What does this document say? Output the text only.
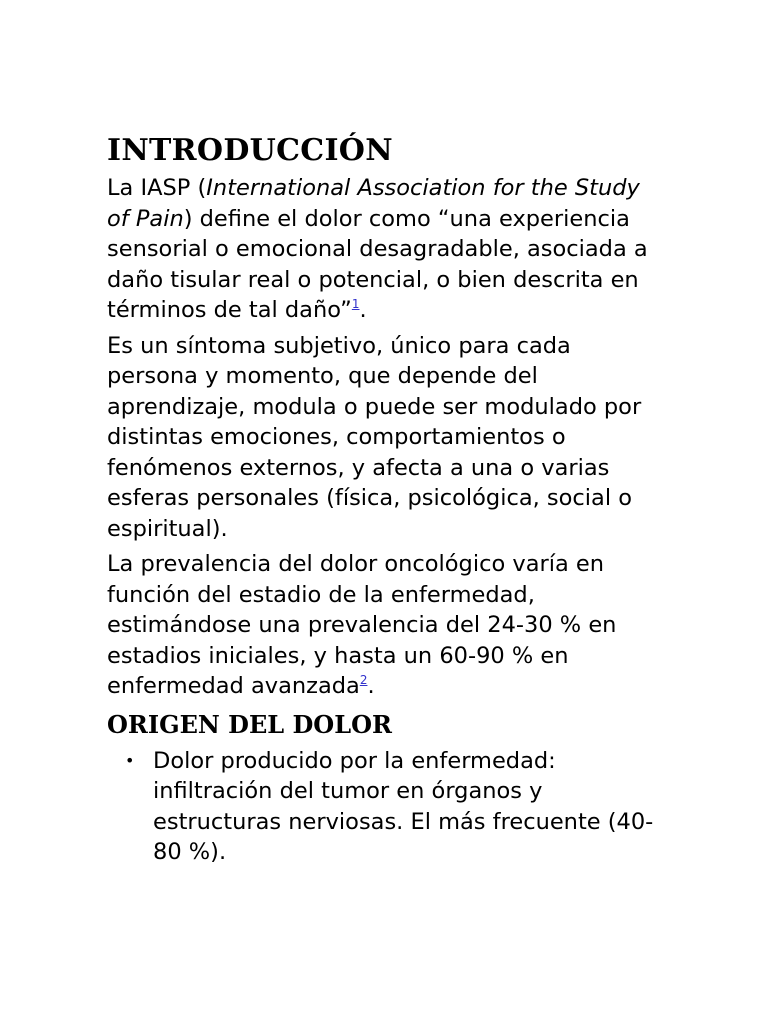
INTRODUCCIÓN

La IASP (International Association for the Study of Pain) define el dolor como “una experiencia sensorial o emocional desagradable, asociada a daño tisular real o potencial, o bien descrita en términos de tal daño”$^1$.

Es un síntoma subjetivo, único para cada persona y momento, que depende del aprendizaje, modula o puede ser modulado por distintas emociones, comportamientos o fenómenos externos, y afecta a una o varias esferas personales (física, psicológica, social o espiritual).

La prevalencia del dolor oncológico varía en función del estadio de la enfermedad, estimándose una prevalencia del 24-30 % en estadios iniciales, y hasta un 60-90 % en enfermedad avanzada$^2$.

ORIGEN DEL DOLOR
• Dolor producido por la enfermedad: infiltración del tumor en órganos y estructuras nerviosas. El más frecuente (40-80 %).
